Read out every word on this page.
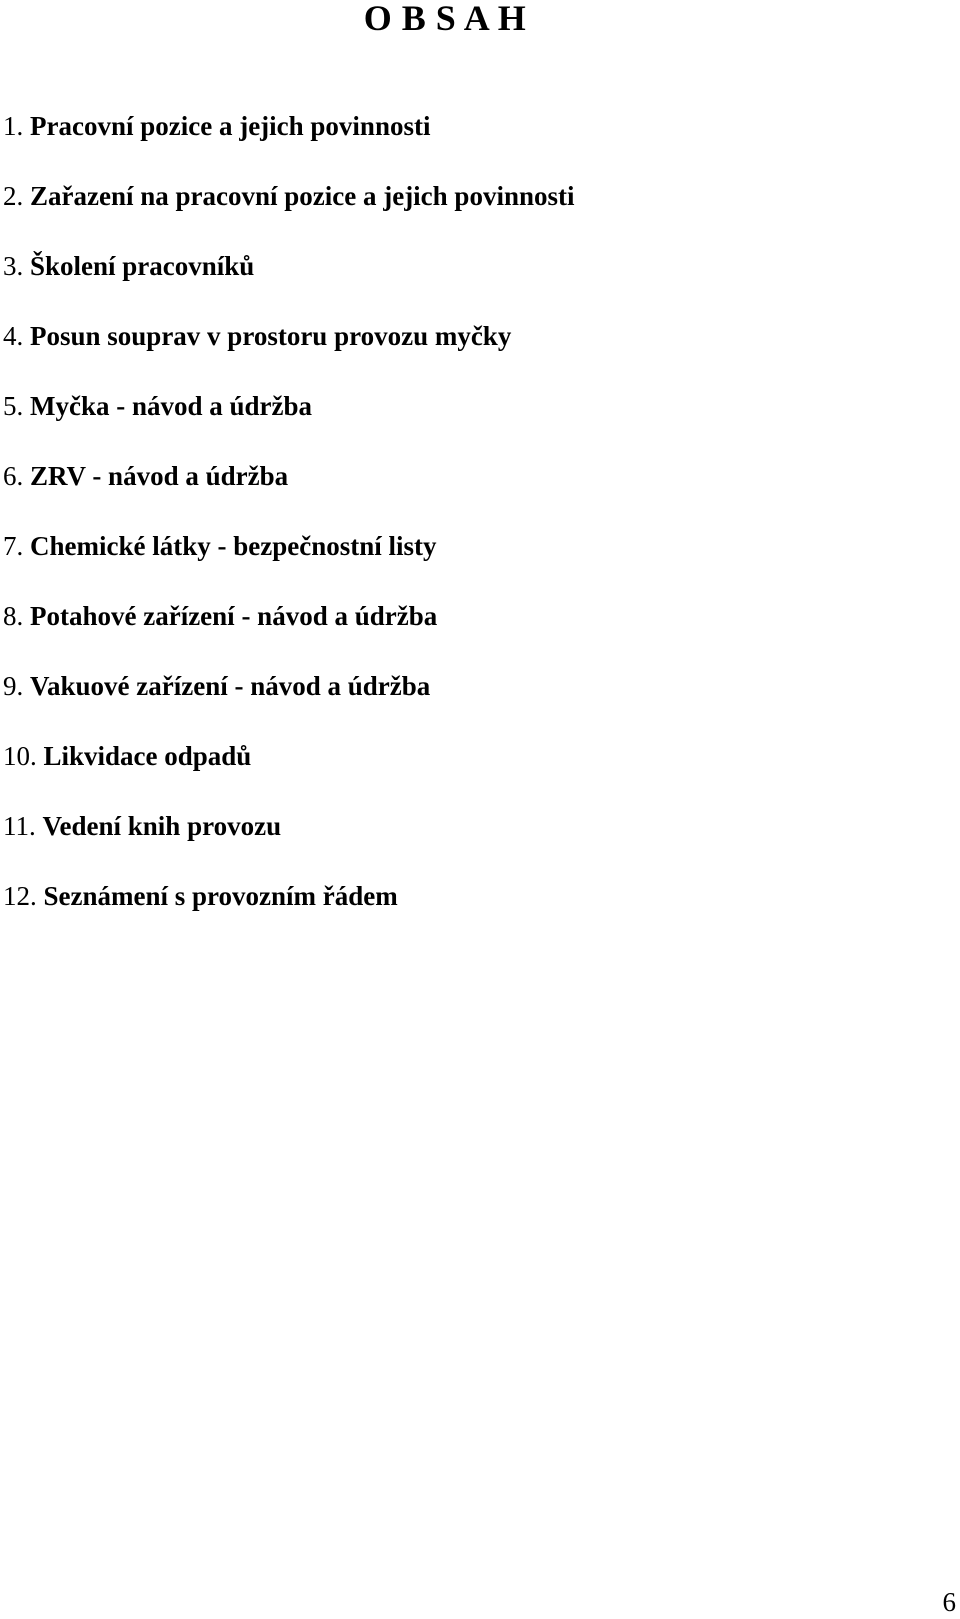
O B S A H
1. Pracovní pozice a jejich povinnosti
2. Zařazení na pracovní pozice a jejich povinnosti
3. Školení pracovníků
4. Posun souprav v prostoru provozu myčky
5. Myčka - návod a údržba
6. ZRV - návod a údržba
7. Chemické látky - bezpečnostní listy
8. Potahové zařízení - návod a údržba
9. Vakuové zařízení - návod a údržba
10. Likvidace odpadů
11. Vedení knih provozu
12. Seznámení s provozním řádem
6
